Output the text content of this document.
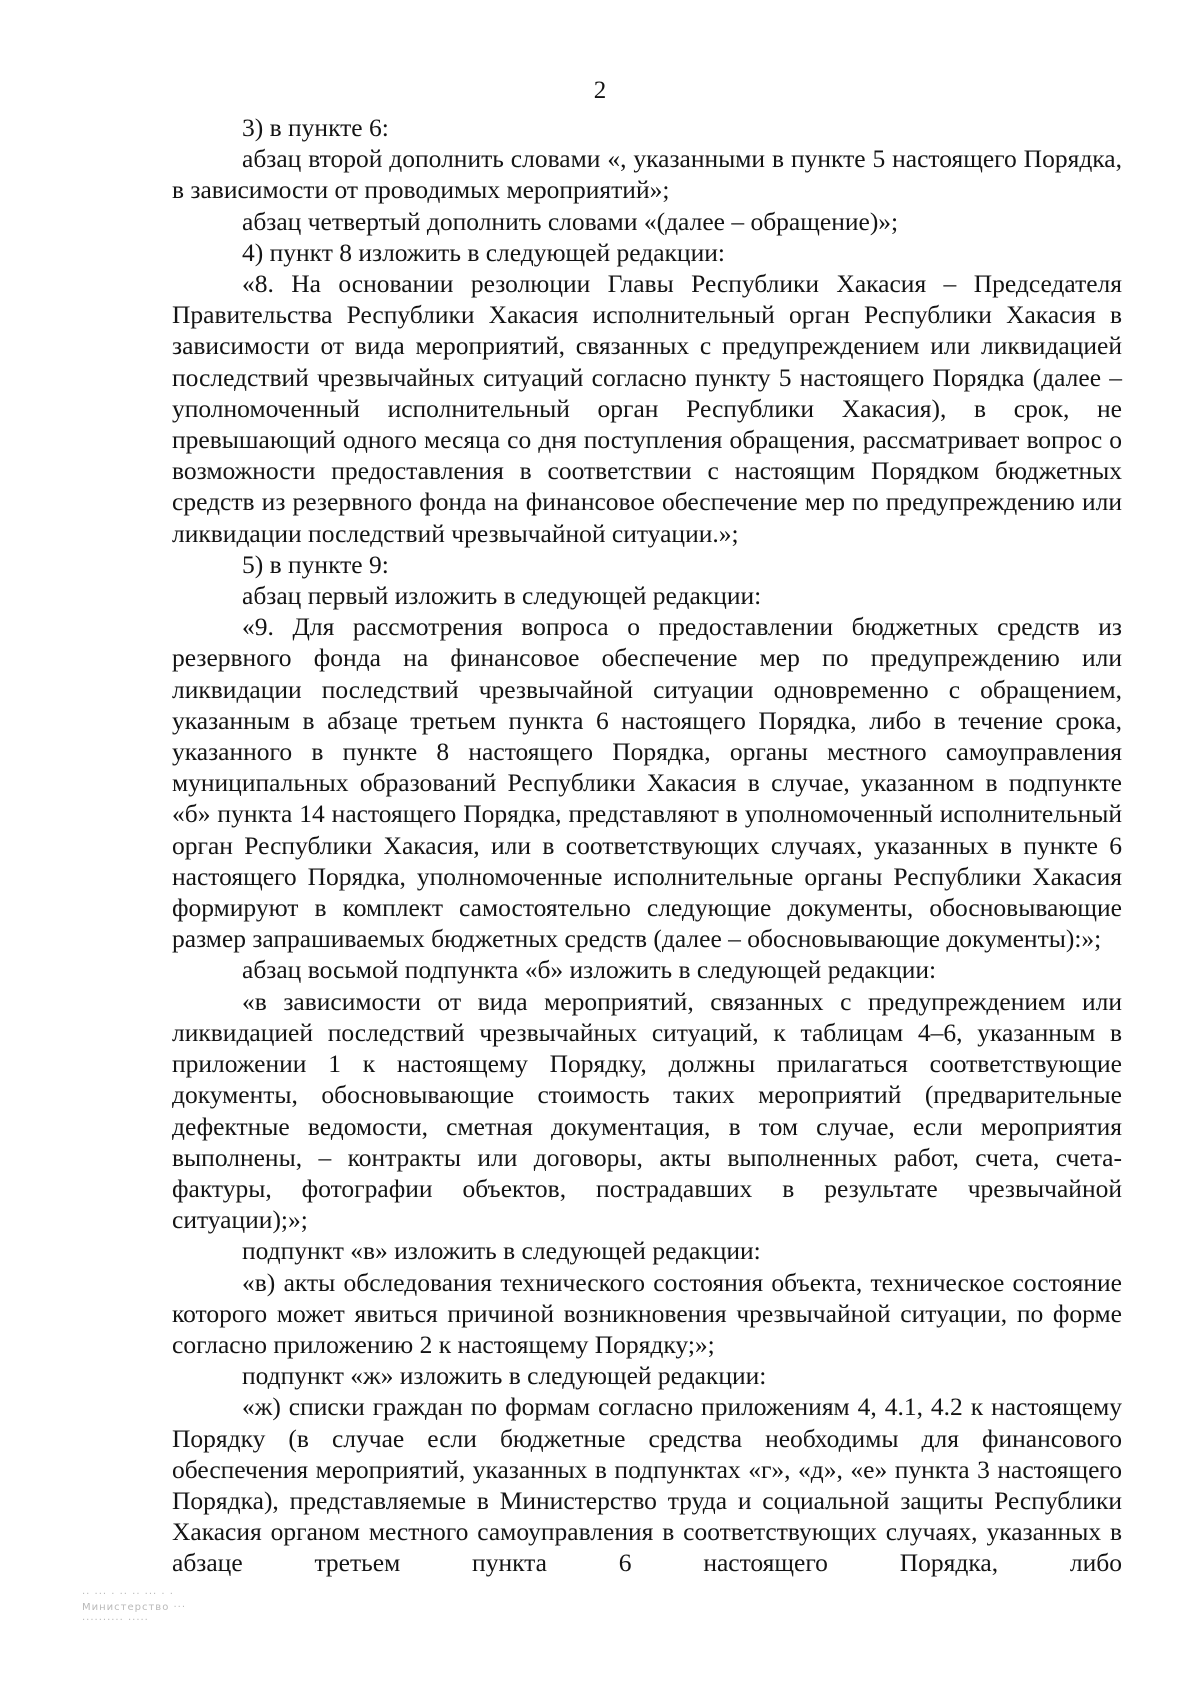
2

3) в пункте 6:

абзац второй дополнить словами «, указанными в пункте 5 настоящего Порядка, в зависимости от проводимых мероприятий»;

абзац четвертый дополнить словами «(далее – обращение)»;

4) пункт 8 изложить в следующей редакции:

«8. На основании резолюции Главы Республики Хакасия – Председателя Правительства Республики Хакасия исполнительный орган Республики Хакасия в зависимости от вида мероприятий, связанных с предупреждением или ликвидацией последствий чрезвычайных ситуаций согласно пункту 5 настоящего Порядка (далее – уполномоченный исполнительный орган Республики Хакасия), в срок, не превышающий одного месяца со дня поступления обращения, рассматривает вопрос о возможности предоставления в соответствии с настоящим Порядком бюджетных средств из резервного фонда на финансовое обеспечение мер по предупреждению или ликвидации последствий чрезвычайной ситуации.»;

5) в пункте 9:

абзац первый изложить в следующей редакции:

«9. Для рассмотрения вопроса о предоставлении бюджетных средств из резервного фонда на финансовое обеспечение мер по предупреждению или ликвидации последствий чрезвычайной ситуации одновременно с обращением, указанным в абзаце третьем пункта 6 настоящего Порядка, либо в течение срока, указанного в пункте 8 настоящего Порядка, органы местного самоуправления муниципальных образований Республики Хакасия в случае, указанном в подпункте «б» пункта 14 настоящего Порядка, представляют в уполномоченный исполнительный орган Республики Хакасия, или в соответствующих случаях, указанных в пункте 6 настоящего Порядка, уполномоченные исполнительные органы Республики Хакасия формируют в комплект самостоятельно следующие документы, обосновывающие размер запрашиваемых бюджетных средств (далее – обосновывающие документы):»;

абзац восьмой подпункта «б» изложить в следующей редакции:

«в зависимости от вида мероприятий, связанных с предупреждением или ликвидацией последствий чрезвычайных ситуаций, к таблицам 4–6, указанным в приложении 1 к настоящему Порядку, должны прилагаться соответствующие документы, обосновывающие стоимость таких мероприятий (предварительные дефектные ведомости, сметная документация, в том случае, если мероприятия выполнены, – контракты или договоры, акты выполненных работ, счета, счета-фактуры, фотографии объектов, пострадавших в результате чрезвычайной ситуации);»;

подпункт «в» изложить в следующей редакции:

«в) акты обследования технического состояния объекта, техническое состояние которого может явиться причиной возникновения чрезвычайной ситуации, по форме согласно приложению 2 к настоящему Порядку;»;

подпункт «ж» изложить в следующей редакции:

«ж) списки граждан по формам согласно приложениям 4, 4.1, 4.2 к настоящему Порядку (в случае если бюджетные средства необходимы для финансового обеспечения мероприятий, указанных в подпунктах «г», «д», «е» пункта 3 настоящего Порядка), представляемые в Министерство труда и социальной защиты Республики Хакасия органом местного самоуправления в соответствующих случаях, указанных в абзаце третьем пункта 6 настоящего Порядка, либо

·· ··· · ·· ·· ··· · ·
Министерство ···
·········· ·····
